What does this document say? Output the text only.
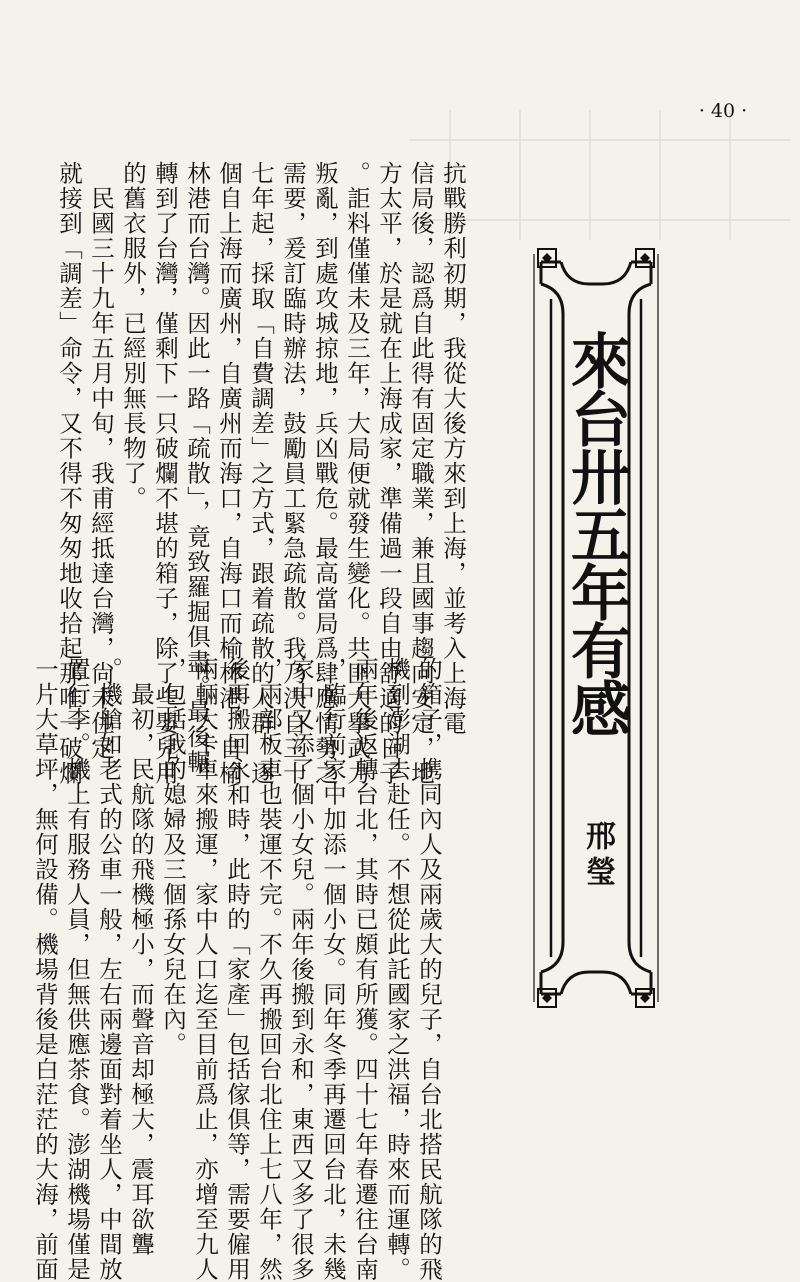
· 40 ·
抗戰勝利初期，我從大後方來到上海，並考入上海電
信局後，認爲自此得有固定職業，兼且國事趨向安定，地
方太平，於是就在上海成家，準備過一段自由舒適的日子
。詎料僅僅未及三年，大局便就發生變化。共匪大擧武力
叛亂，到處攻城掠地，兵凶戰危。最高當局爲肆應情勢之
需要，爰訂臨時辦法，鼓勵員工緊急疏散。我乃決自三十
七年起，採取「自費調差」之方式，跟着疏散的人群，逐
個自上海而廣州，自廣州而海口，自海口而榆林港，自榆
林港而台灣。因此一路「疏散」，竟致羅掘俱盡。最後輾
轉到了台灣，僅剩下一只破爛不堪的箱子，除了些嬰兒用
的舊衣服外，已經別無長物了。
　民國三十九年五月中旬，我甫經抵達台灣，尙未住定
就接到「調差」命令，又不得不匆匆地收拾起那唯一破爛
的箱子，携同內人及兩歲大的兒子，自台北搭民航隊的飛
機到澎湖去赴任。不想從此託國家之洪福，時來而運轉。
兩年後返轉台北，其時已頗有所獲。四十七年春遷往台南
，臨行前家中加添一個小女。同年冬季再遷回台北，未幾
家中又添了個小女兒。兩年後搬到永和，東西又多了很多
，兩部板車也裝運不完。不久再搬回台北住上七八年，然
後再搬回永和時，此時的「家產」包括傢俱等，需要僱用
兩輛大卡車來搬運，家中人口迄至目前爲止，亦增至九人
，包括我的媳婦及三個孫女兒在內。
　最初，民航隊的飛機極小，而聲音却極大，震耳欲聾
。機艙如老式的公車一般，左右兩邊面對着坐人，中間放
置行李。機上有服務人員，但無供應茶食。澎湖機場僅是
一片大草坪，無何設備。機場背後是白茫茫的大海，前面
來台卅五年有感
邢瑩
